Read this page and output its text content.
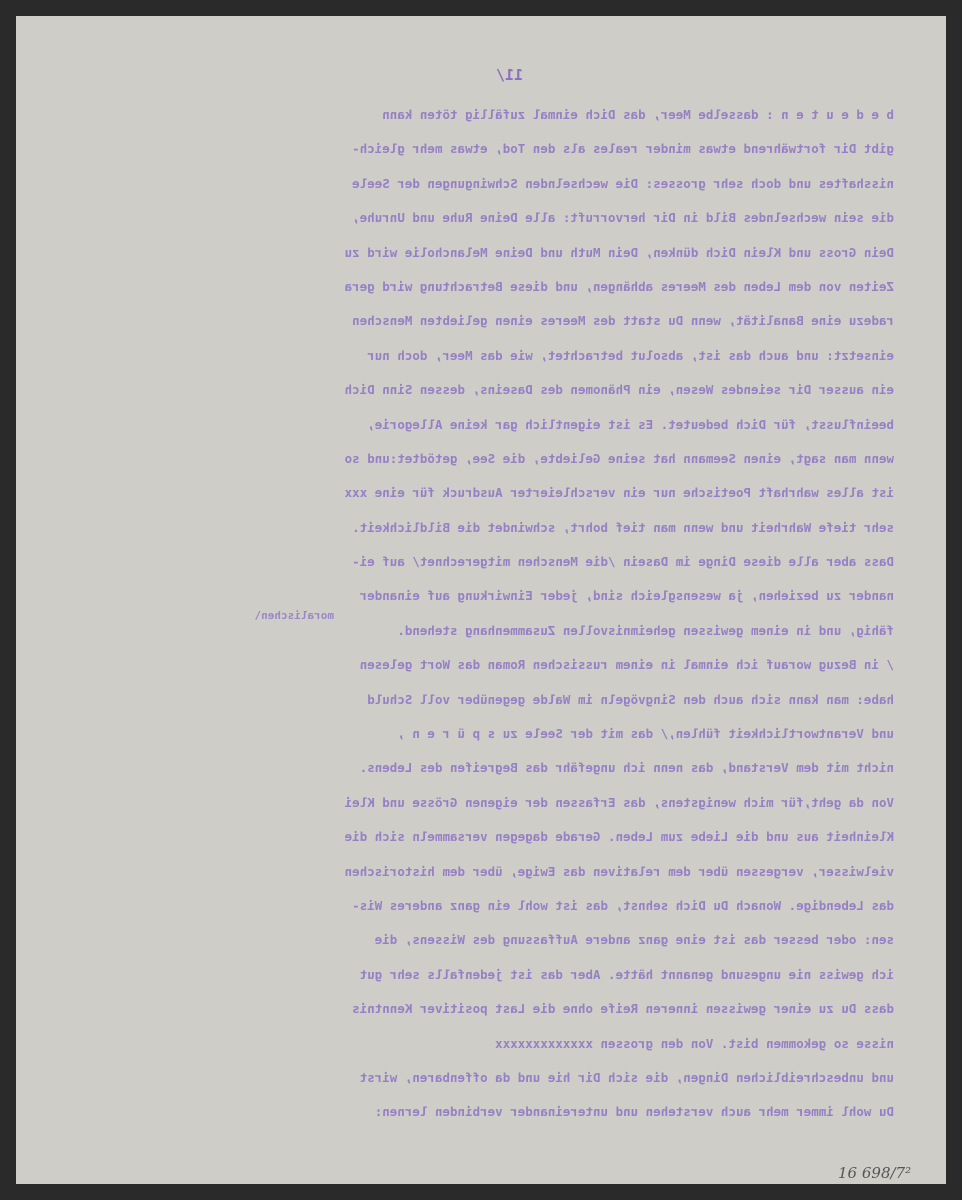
11/
moralischen\
b e d e u t e n : dasselbe Meer, das Dich einmal zufällig töten kann
gibt Dir fortwährend etwas minder reales als den Tod, etwas mehr gleich-
nisshaftes und doch sehr grosses: Die wechselnden Schwingungen der Seele
die sein wechselndes Bild in Dir hervorruft: alle Deine Ruhe und Unruhe,
Dein Gross und Klein Dich dünken, Dein Muth und Deine Melancholie wird zu
Zeiten von dem Leben des Meeres abhängen, und diese Betrachtung wird gera
radezu eine Banalität, wenn Du statt des Meeres einen geliebten Menschen
einsetzt: und auch das ist, absolut betrachtet, wie das Meer, doch nur
ein ausser Dir seiendes Wesen, ein Phänomen des Daseins, dessen Sinn Dich
beeinflusst, für Dich bedeutet. Es ist eigentlich gar keine Allegorie,
wenn man sagt, einen Seemann hat seine Geliebte, die See, getödtet:und so
ist alles wahrhaft Poetische nur ein verschleierter Ausdruck für eine xxx
sehr tiefe Wahrheit und wenn man tief bohrt, schwindet die Bildlichkeit.
Dass aber alle diese Dinge im Dasein /die Menschen mitgerechnet/ auf ei-
nander zu beziehen, ja wesensgleich sind, jeder Einwirkung auf einander
fähig, und in einem gewissen geheimnisvollen Zusammenhang stehend.
/ in Bezug worauf ich einmal in einem russischen Roman das Wort gelesen
habe: man kann sich auch den Singvögeln im Walde gegenüber voll Schuld
und Verantwortlichkeit fühlen,/ das mit der Seele zu s p ü r e n ,
nicht mit dem Verstand, das nenn ich ungefähr das Begreifen des Lebens.
Von da geht,für mich wenigstens, das Erfassen der eigenen Grösse und Klei
Kleinheit aus und die Liebe zum Leben. Gerade dagegen versammeln sich die
vielwisser, vergessen über dem relativen das Ewige, über dem historischen
das Lebendige. Wonach Du Dich sehnst, das ist wohl ein ganz anderes Wis-
sen: oder besser das ist eine ganz andere Auffassung des Wissens, die
ich gewiss nie ungesund genannt hätte. Aber das ist jedenfalls sehr gut
dass Du zu einer gewissen inneren Reife ohne die Last positiver Kenntnis
nisse so gekommen bist. Von den grossen xxxxxxxxxxxxx
und unbeschreiblichen Dingen, die sich Dir hie und da offenbaren, wirst
Du wohl immer mehr auch verstehen und untereinander verbinden lernen:
16 698/7²
